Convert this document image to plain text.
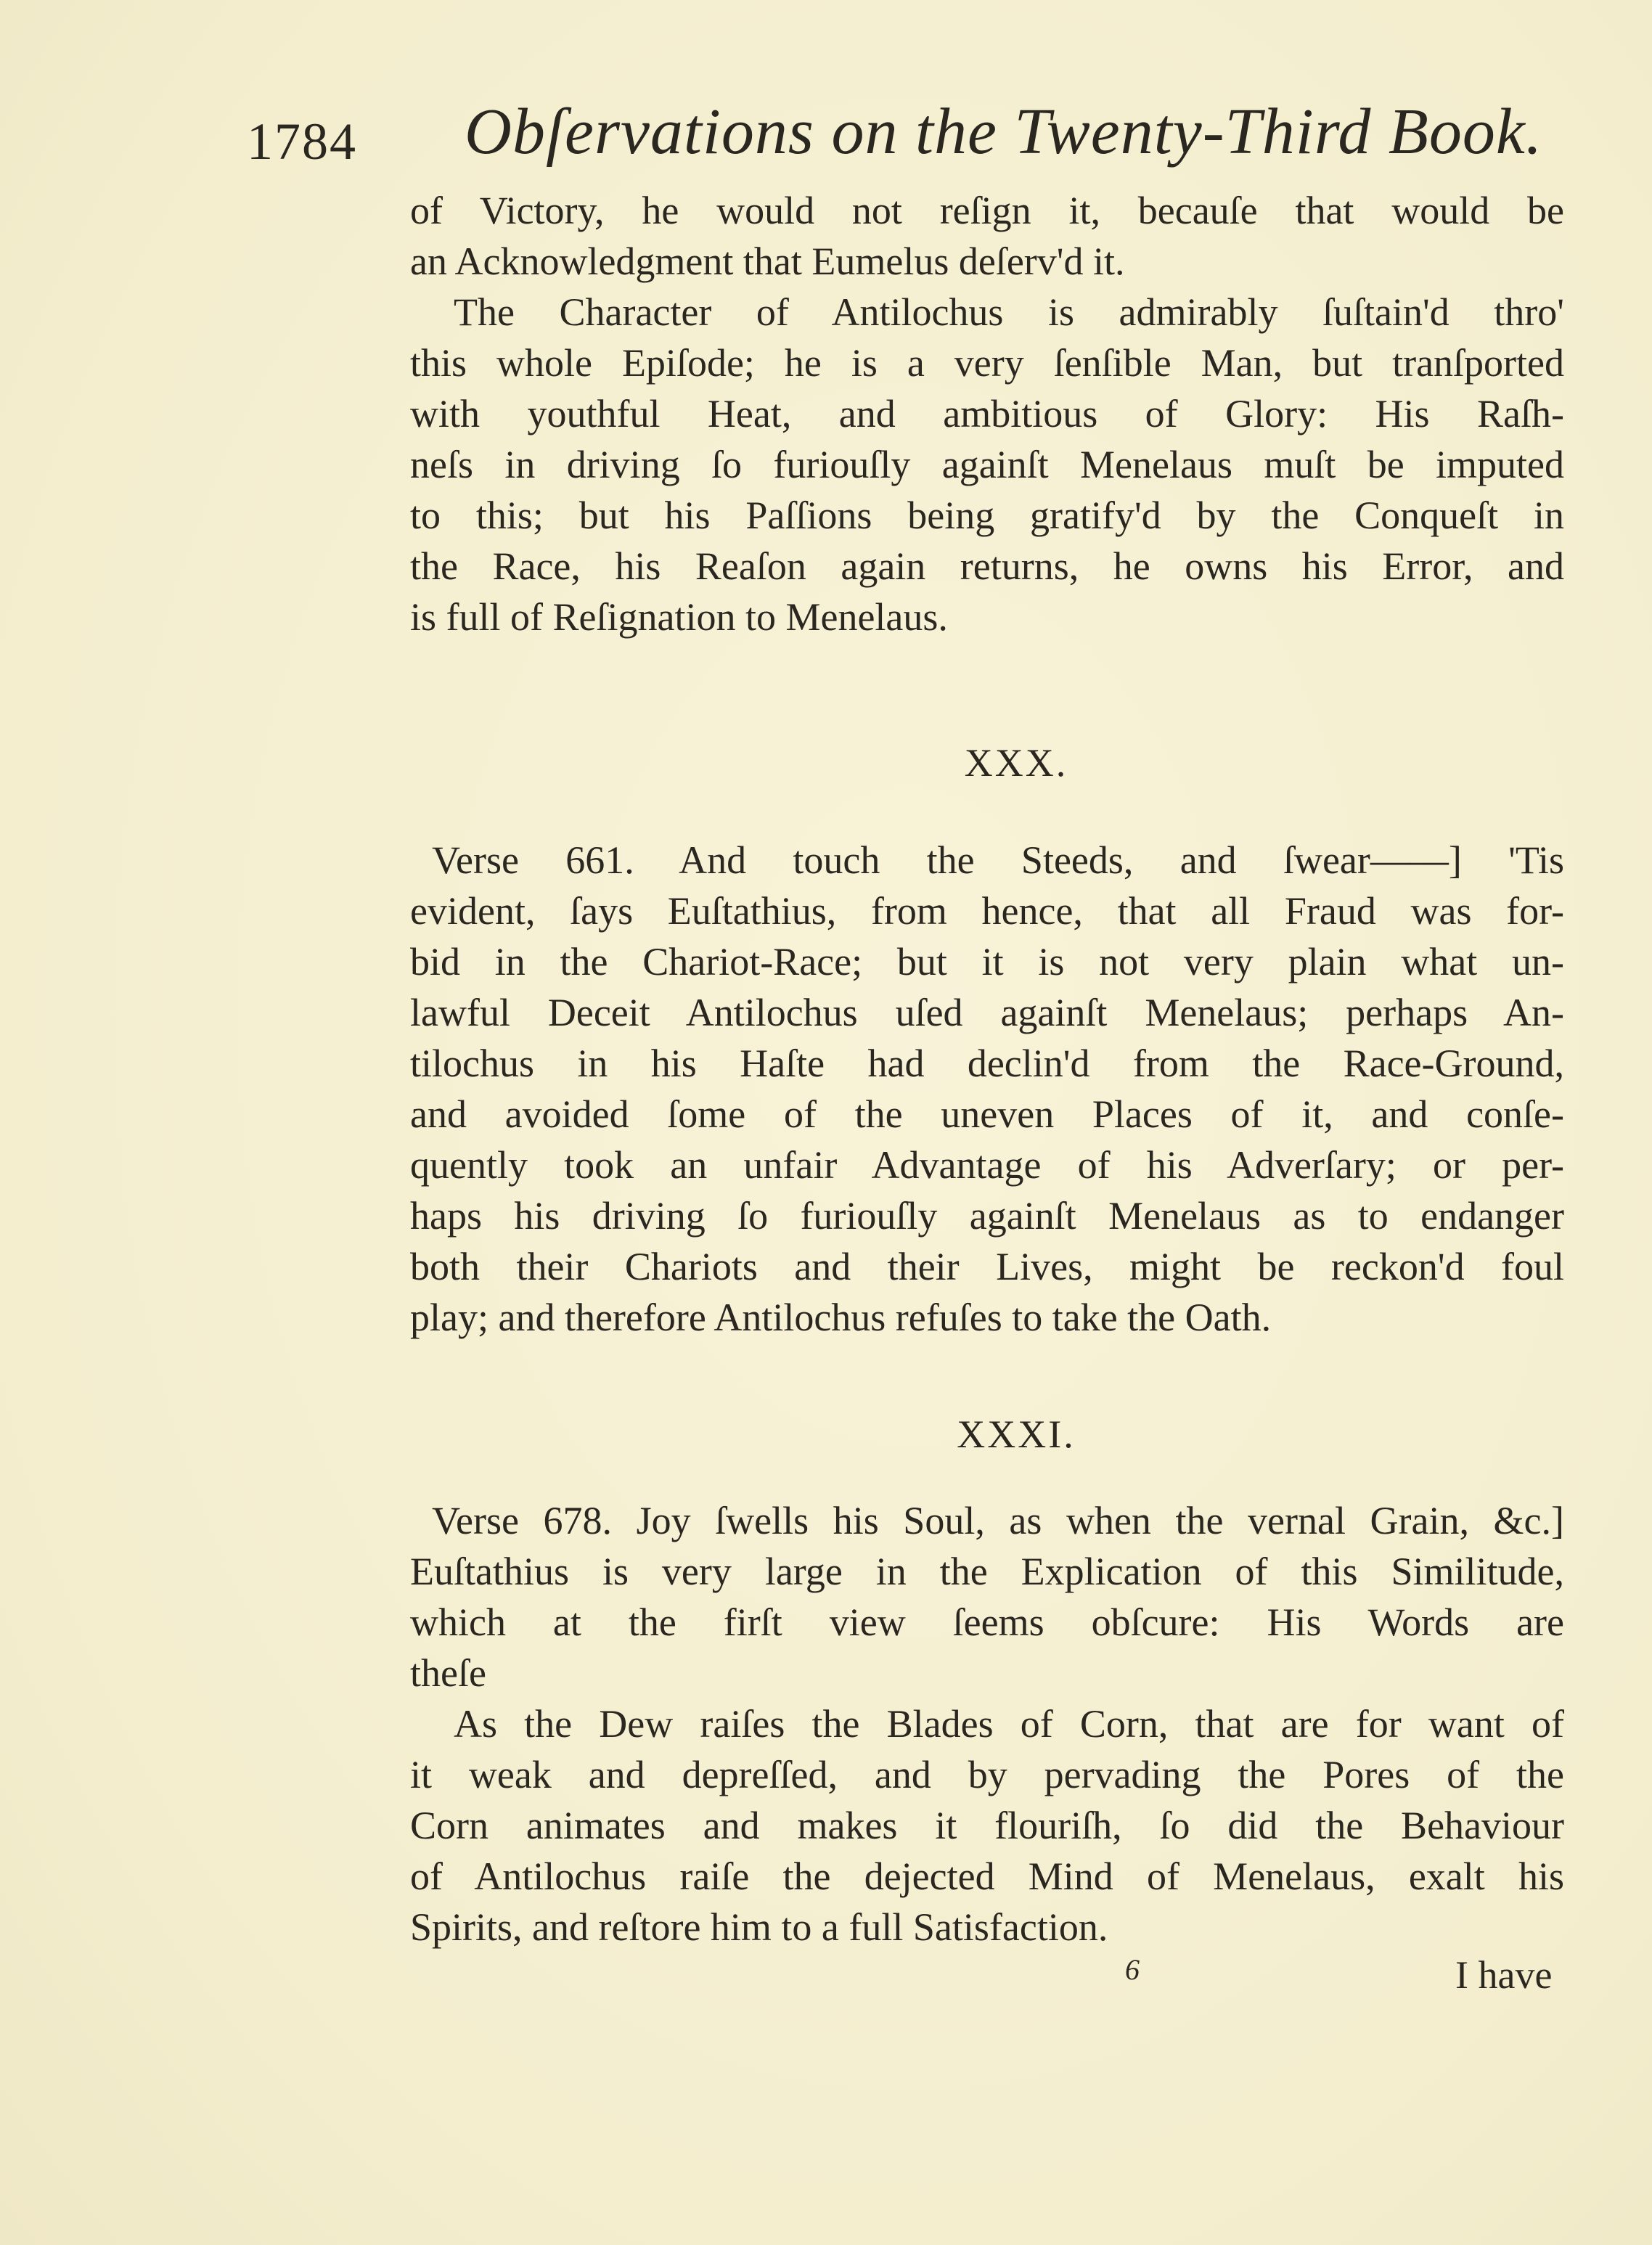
1784 Obſervations on the Twenty-Third Book.
of Victory, he would not reſign it, becauſe that would be
an Acknowledgment that Eumelus deſerv'd it.
The Character of Antilochus is admirably ſuſtain'd thro'
this whole Epiſode; he is a very ſenſible Man, but tranſported
with youthful Heat, and ambitious of Glory: His Raſh-
neſs in driving ſo furiouſly againſt Menelaus muſt be imputed
to this; but his Paſſions being gratify'd by the Conqueſt in
the Race, his Reaſon again returns, he owns his Error, and
is full of Reſignation to Menelaus.
XXX.
Verse 661. And touch the Steeds, and ſwear——] 'Tis
evident, ſays Euſtathius, from hence, that all Fraud was for-
bid in the Chariot-Race; but it is not very plain what un-
lawful Deceit Antilochus uſed againſt Menelaus; perhaps An-
tilochus in his Haſte had declin'd from the Race-Ground,
and avoided ſome of the uneven Places of it, and conſe-
quently took an unfair Advantage of his Adverſary; or per-
haps his driving ſo furiouſly againſt Menelaus as to endanger
both their Chariots and their Lives, might be reckon'd foul
play; and therefore Antilochus refuſes to take the Oath.
XXXI.
Verse 678. Joy ſwells his Soul, as when the vernal Grain, &c.]
Euſtathius is very large in the Explication of this Similitude,
which at the firſt view ſeems obſcure: His Words are
theſe
As the Dew raiſes the Blades of Corn, that are for want of
it weak and depreſſed, and by pervading the Pores of the
Corn animates and makes it flouriſh, ſo did the Behaviour
of Antilochus raiſe the dejected Mind of Menelaus, exalt his
Spirits, and reſtore him to a full Satisfaction.
6	I have
